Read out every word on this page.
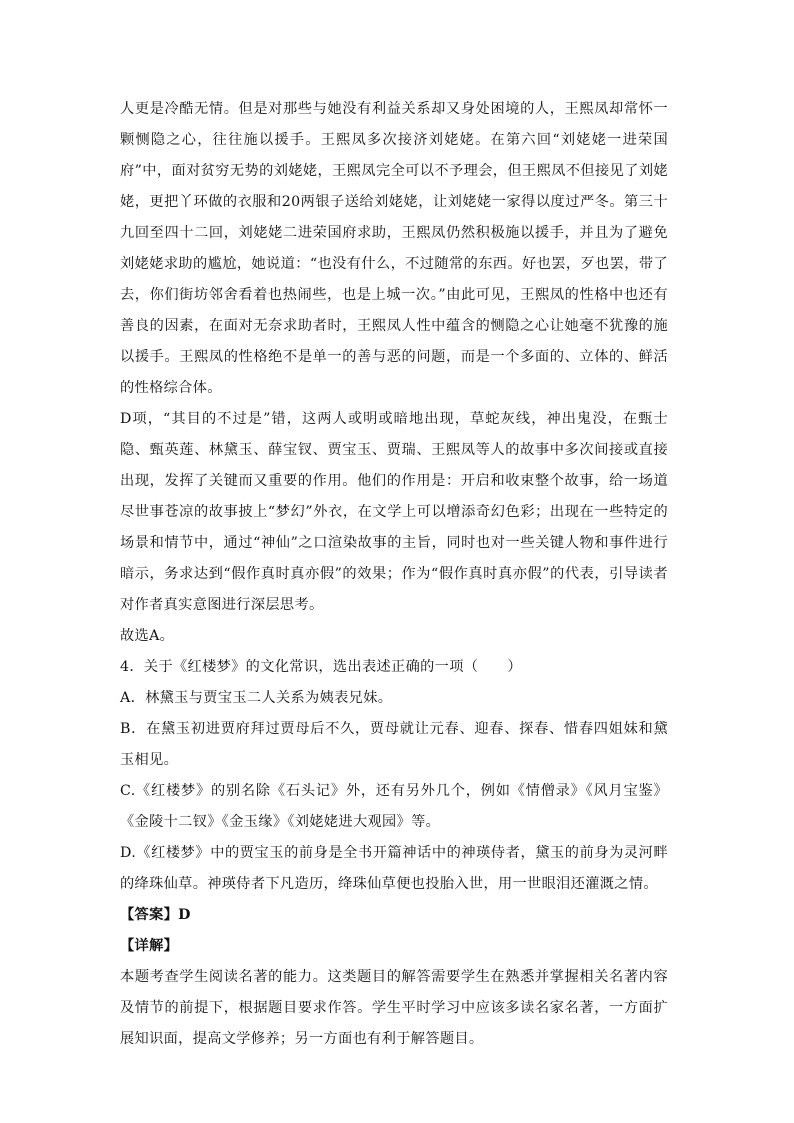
人更是冷酷无情。但是对那些与她没有利益关系却又身处困境的人，王熙凤却常怀一颗恻隐之心，往往施以援手。王熙凤多次接济刘姥姥。在第六回“刘姥姥一进荣国府”中，面对贫穷无势的刘姥姥，王熙凤完全可以不予理会，但王熙凤不但接见了刘姥姥，更把丫环做的衣服和20两银子送给刘姥姥，让刘姥姥一家得以度过严冬。第三十九回至四十二回，刘姥姥二进荣国府求助，王熙凤仍然积极施以援手，并且为了避免刘姥姥求助的尴尬，她说道：“也没有什么，不过随常的东西。好也罢，歹也罢，带了去，你们街坊邻舍看着也热闹些，也是上城一次。”由此可见，王熙凤的性格中也还有善良的因素，在面对无奈求助者时，王熙凤人性中蕴含的恻隐之心让她毫不犹豫的施以援手。王熙凤的性格绝不是单一的善与恶的问题，而是一个多面的、立体的、鲜活的性格综合体。

D项，“其目的不过是”错，这两人或明或暗地出现，草蛇灰线，神出鬼没，在甄士隐、甄英莲、林黛玉、薛宝钗、贾宝玉、贾瑞、王熙凤等人的故事中多次间接或直接出现，发挥了关键而又重要的作用。他们的作用是：开启和收束整个故事，给一场道尽世事苍凉的故事披上“梦幻”外衣，在文学上可以增添奇幻色彩；出现在一些特定的场景和情节中，通过“神仙”之口渲染故事的主旨，同时也对一些关键人物和事件进行暗示，务求达到“假作真时真亦假”的效果；作为“假作真时真亦假”的代表，引导读者对作者真实意图进行深层思考。

故选A。

4．关于《红楼梦》的文化常识，选出表述正确的一项（　　）

A．林黛玉与贾宝玉二人关系为姨表兄妹。

B．在黛玉初进贾府拜过贾母后不久，贾母就让元春、迎春、探春、惜春四姐妹和黛玉相见。

C.《红楼梦》的别名除《石头记》外，还有另外几个，例如《情僧录》《风月宝鉴》《金陵十二钗》《金玉缘》《刘姥姥进大观园》等。

D.《红楼梦》中的贾宝玉的前身是全书开篇神话中的神瑛侍者，黛玉的前身为灵河畔的绛珠仙草。神瑛侍者下凡造历，绛珠仙草便也投胎入世，用一世眼泪还灌溉之情。

【答案】D

【详解】

本题考查学生阅读名著的能力。这类题目的解答需要学生在熟悉并掌握相关名著内容及情节的前提下，根据题目要求作答。学生平时学习中应该多读名家名著，一方面扩展知识面，提高文学修养；另一方面也有利于解答题目。
